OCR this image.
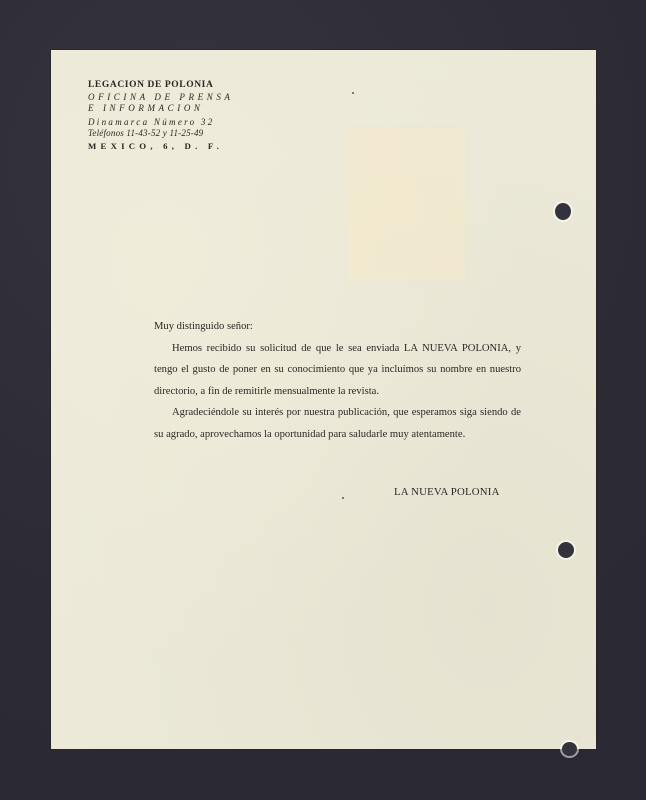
LEGACION DE POLONIA
OFICINA DE PRENSA
E INFORMACION
Dinamarca Número 32
Teléfonos 11-43-52 y 11-25-49
MEXICO, 6, D. F.
Muy distinguido señor:

Hemos recibido su solicitud de que le sea enviada LA NUEVA POLONIA, y tengo el gusto de poner en su conocimiento que ya incluímos su nombre en nuestro directorio, a fin de remitirle mensualmente la revista.

Agradeciéndole su interés por nuestra publicación, que esperamos siga siendo de su agrado, aprovechamos la oportunidad para saludarle muy atentamente.

LA NUEVA POLONIA
